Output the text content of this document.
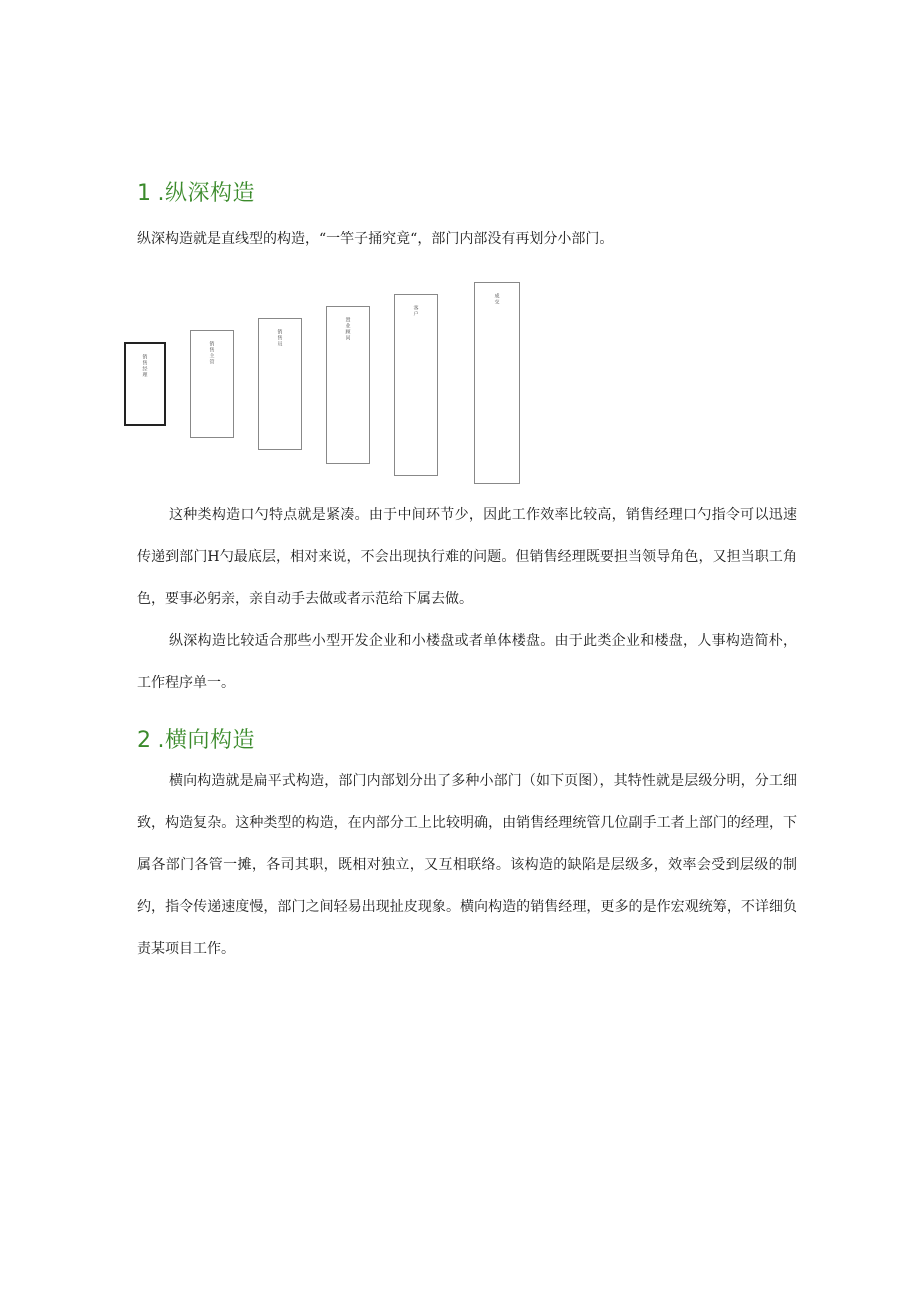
1 .纵深构造

纵深构造就是直线型的构造，“一竿子捅究竟“，部门内部没有再划分小部门。

销售经理
销售主管
销售员	置业顾问
客户
成交

这种类构造口勺特点就是紧凑。由于中间环节少，因此工作效率比较高，销售经理口勺指令可以迅速传递到部门H勺最底层，相对来说，不会出现执行难的问题。但销售经理既要担当领导角色，又担当职工角色，要事必躬亲，亲自动手去做或者示范给下属去做。

纵深构造比较适合那些小型开发企业和小楼盘或者单体楼盘。由于此类企业和楼盘，人事构造简朴，工作程序单一。

2 .横向构造

横向构造就是扁平式构造，部门内部划分出了多种小部门（如下页图），其特性就是层级分明，分工细致，构造复杂。这种类型的构造，在内部分工上比较明确，由销售经理统管几位副手工者上部门的经理，下属各部门各管一摊，各司其职，既相对独立，又互相联络。该构造的缺陷是层级多，效率会受到层级的制约，指令传递速度慢，部门之间轻易出现扯皮现象。横向构造的销售经理，更多的是作宏观统筹，不详细负责某项目工作。
